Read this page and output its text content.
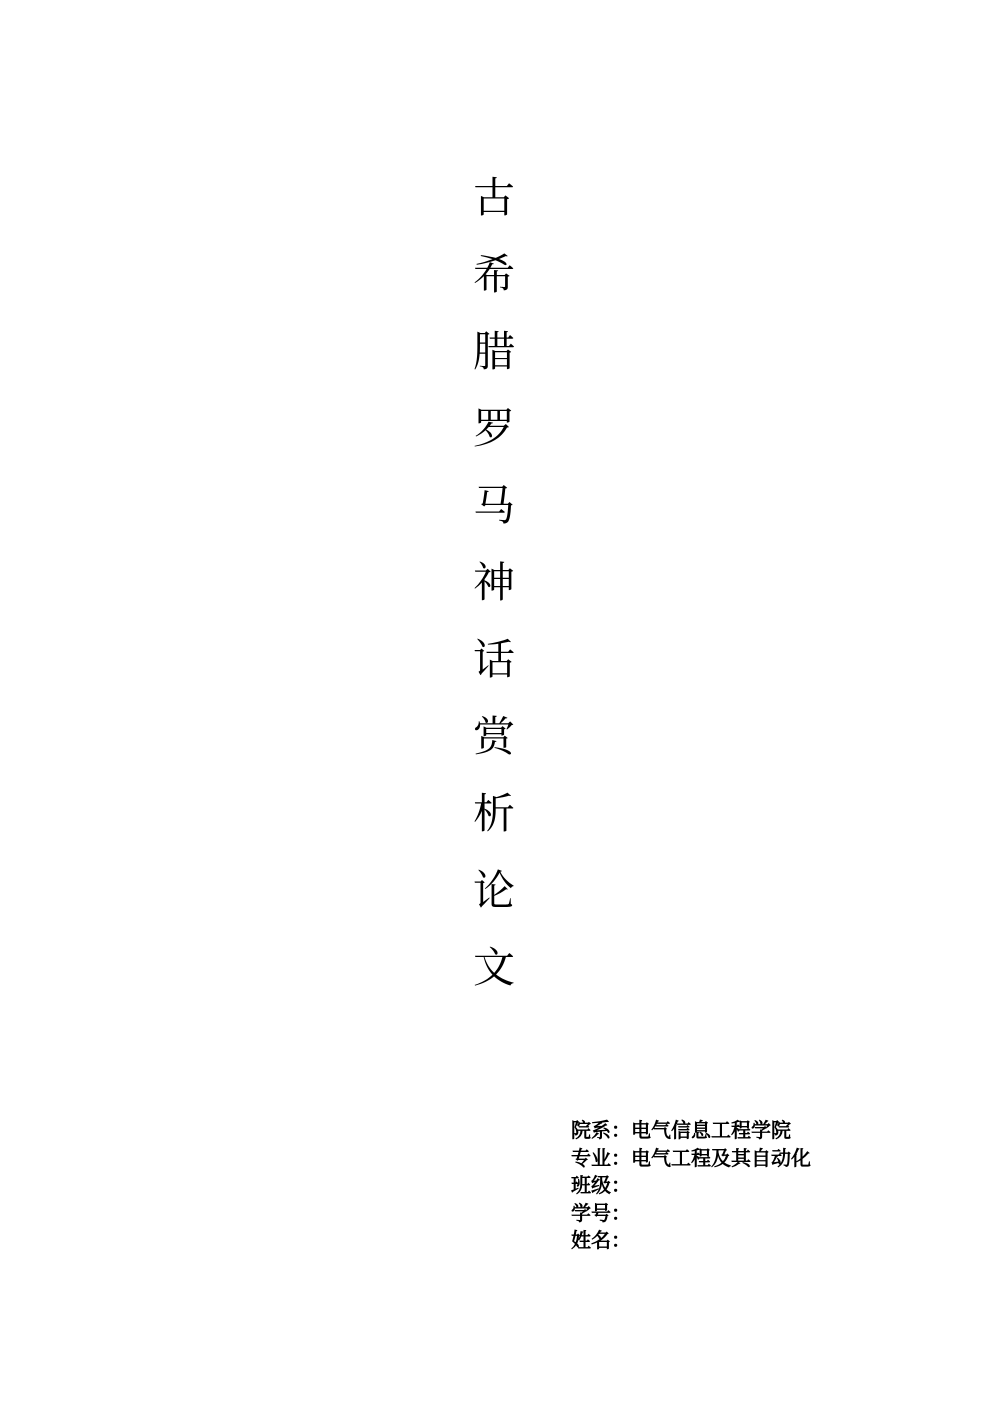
古
希
腊
罗
马
神
话
赏
析
论
文
院系：电气信息工程学院
专业：电气工程及其自动化
班级：
学号：
姓名：
